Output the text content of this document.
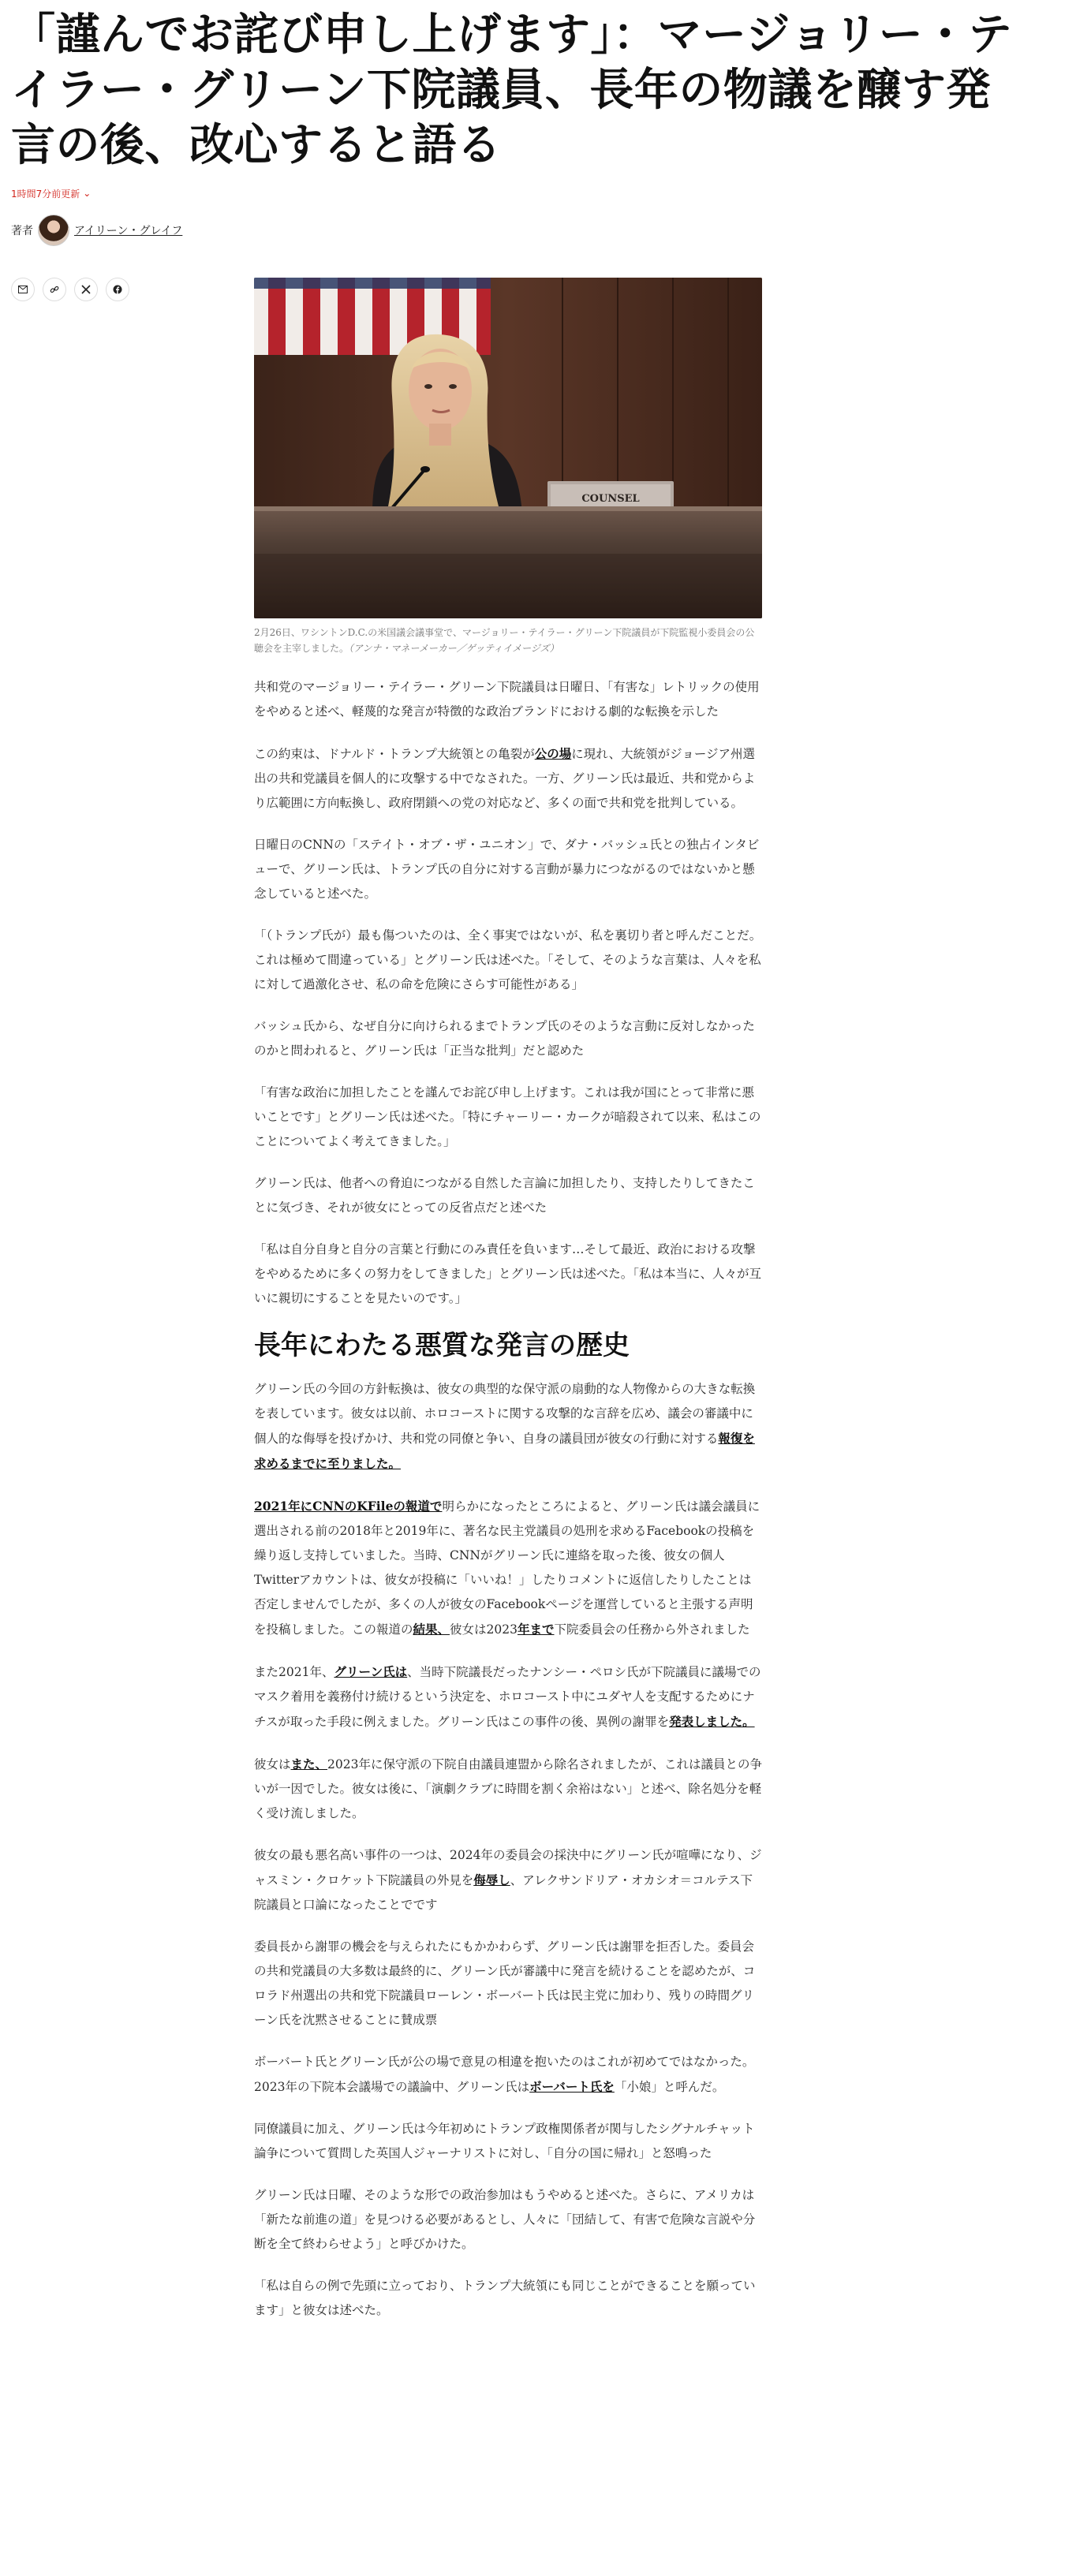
「謹んでお詫び申し上げます」：マージョリー・テイラー・グリーン下院議員、長年の物議を醸す発言の後、改心すると語る
1時間7分前更新 ⌄
著者	アイリーン・グレイフ
COUNSEL
2月26日、ワシントンD.C.の米国議会議事堂で、マージョリー・テイラー・グリーン下院議員が下院監視小委員会の公聴会を主宰しました。（アンナ・マネーメーカー／ゲッティイメージズ）

共和党のマージョリー・テイラー・グリーン下院議員は日曜日、「有害な」レトリックの使用をやめると述べ、軽蔑的な発言が特徴的な政治ブランドにおける劇的な転換を示した

この約束は、ドナルド・トランプ大統領との亀裂が公の場に現れ、大統領がジョージア州選出の共和党議員を個人的に攻撃する中でなされた。一方、グリーン氏は最近、共和党からより広範囲に方向転換し、政府閉鎖への党の対応など、多くの面で共和党を批判している。

日曜日のCNNの「ステイト・オブ・ザ・ユニオン」で、ダナ・バッシュ氏との独占インタビューで、グリーン氏は、トランプ氏の自分に対する言動が暴力につながるのではないかと懸念していると述べた。

「（トランプ氏が）最も傷ついたのは、全く事実ではないが、私を裏切り者と呼んだことだ。これは極めて間違っている」とグリーン氏は述べた。「そして、そのような言葉は、人々を私に対して過激化させ、私の命を危険にさらす可能性がある」

バッシュ氏から、なぜ自分に向けられるまでトランプ氏のそのような言動に反対しなかったのかと問われると、グリーン氏は「正当な批判」だと認めた

「有害な政治に加担したことを謹んでお詫び申し上げます。これは我が国にとって非常に悪いことです」とグリーン氏は述べた。「特にチャーリー・カークが暗殺されて以来、私はこのことについてよく考えてきました。」

グリーン氏は、他者への脅迫につながる自然した言論に加担したり、支持したりしてきたことに気づき、それが彼女にとっての反省点だと述べた

「私は自分自身と自分の言葉と行動にのみ責任を負います…そして最近、政治における攻撃をやめるために多くの努力をしてきました」とグリーン氏は述べた。「私は本当に、人々が互いに親切にすることを見たいのです。」

長年にわたる悪質な発言の歴史

グリーン氏の今回の方針転換は、彼女の典型的な保守派の扇動的な人物像からの大きな転換を表しています。彼女は以前、ホロコーストに関する攻撃的な言辞を広め、議会の審議中に個人的な侮辱を投げかけ、共和党の同僚と争い、自身の議員団が彼女の行動に対する報復を求めるまでに至りました。

2021年にCNNのKFileの報道で明らかになったところによると、グリーン氏は議会議員に選出される前の2018年と2019年に、著名な民主党議員の処刑を求めるFacebookの投稿を繰り返し支持していました。当時、CNNがグリーン氏に連絡を取った後、彼女の個人Twitterアカウントは、彼女が投稿に「いいね！」したりコメントに返信したりしたことは否定しませんでしたが、多くの人が彼女のFacebookページを運営していると主張する声明を投稿しました。この報道の結果、彼女は2023年まで下院委員会の任務から外されました

また2021年、グリーン氏は、当時下院議長だったナンシー・ペロシ氏が下院議員に議場でのマスク着用を義務付け続けるという決定を、ホロコースト中にユダヤ人を支配するためにナチスが取った手段に例えました。グリーン氏はこの事件の後、異例の謝罪を発表しました。

彼女はまた、2023年に保守派の下院自由議員連盟から除名されましたが、これは議員との争いが一因でした。彼女は後に、「演劇クラブに時間を割く余裕はない」と述べ、除名処分を軽く受け流しました。

彼女の最も悪名高い事件の一つは、2024年の委員会の採決中にグリーン氏が喧嘩になり、ジャスミン・クロケット下院議員の外見を侮辱し、アレクサンドリア・オカシオ＝コルテス下院議員と口論になったことでです

委員長から謝罪の機会を与えられたにもかかわらず、グリーン氏は謝罪を拒否した。委員会の共和党議員の大多数は最終的に、グリーン氏が審議中に発言を続けることを認めたが、コロラド州選出の共和党下院議員ローレン・ボーバート氏は民主党に加わり、残りの時間グリーン氏を沈黙させることに賛成票

ボーバート氏とグリーン氏が公の場で意見の相違を抱いたのはこれが初めてではなかった。2023年の下院本会議場での議論中、グリーン氏はボーバート氏を「小娘」と呼んだ。

同僚議員に加え、グリーン氏は今年初めにトランプ政権関係者が関与したシグナルチャット論争について質問した英国人ジャーナリストに対し、「自分の国に帰れ」と怒鳴った

グリーン氏は日曜、そのような形での政治参加はもうやめると述べた。さらに、アメリカは「新たな前進の道」を見つける必要があるとし、人々に「団結して、有害で危険な言説や分断を全て終わらせよう」と呼びかけた。

「私は自らの例で先頭に立っており、トランプ大統領にも同じことができることを願っています」と彼女は述べた。
